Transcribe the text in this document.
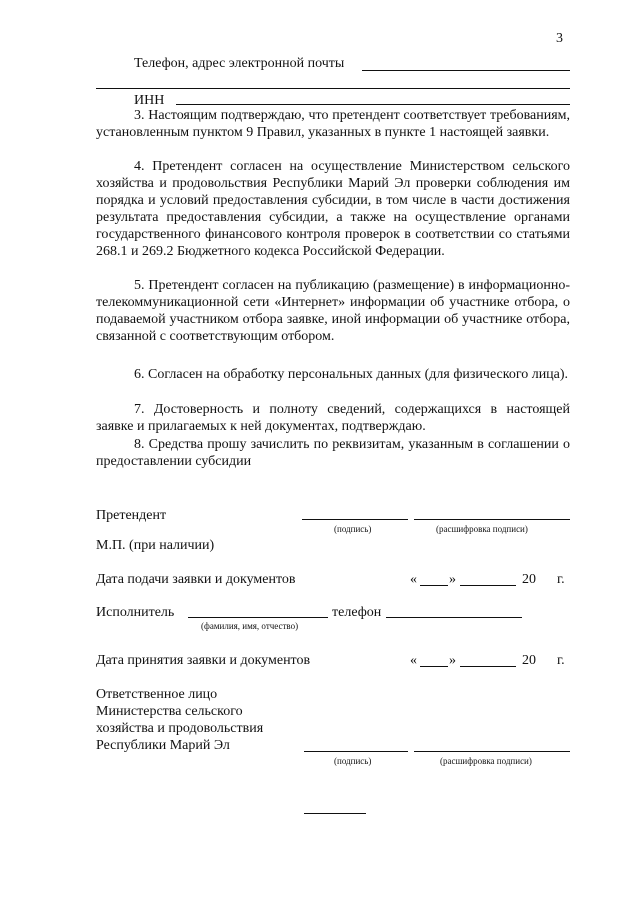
3
Телефон, адрес электронной почты
ИНН

3. Настоящим подтверждаю, что претендент соответствует требованиям, установленным пунктом 9 Правил, указанных в пункте 1 настоящей заявки.

4. Претендент согласен на осуществление Министерством сельского хозяйства и продовольствия Республики Марий Эл проверки соблюдения им порядка и условий предоставления субсидии, в том числе в части достижения результата предоставления субсидии, а также на осуществление органами государственного финансового контроля проверок в соответствии со статьями 268.1 и 269.2 Бюджетного кодекса Российской Федерации.

5. Претендент согласен на публикацию (размещение) в информационно-телекоммуникационной сети «Интернет» информации об участнике отбора, о подаваемой участником отбора заявке, иной информации об участнике отбора, связанной с соответствующим отбором.

6. Согласен на обработку персональных данных (для физического лица).

7. Достоверность и полноту сведений, содержащихся в настоящей заявке и прилагаемых к ней документах, подтверждаю.

8. Средства прошу зачислить по реквизитам, указанным в соглашении о предоставлении субсидии

Претендент
(подпись)	(расшифровка подписи)
М.П. (при наличии)
Дата подачи заявки и документов	« »	20 г.
Исполнитель
(фамилия, имя, отчество)
телефон
Дата принятия заявки и документов	« »	20 г.
Ответственное лицо
Министерства сельского
хозяйства и продовольствия
Республики Марий Эл
(подпись)	(расшифровка подписи)
